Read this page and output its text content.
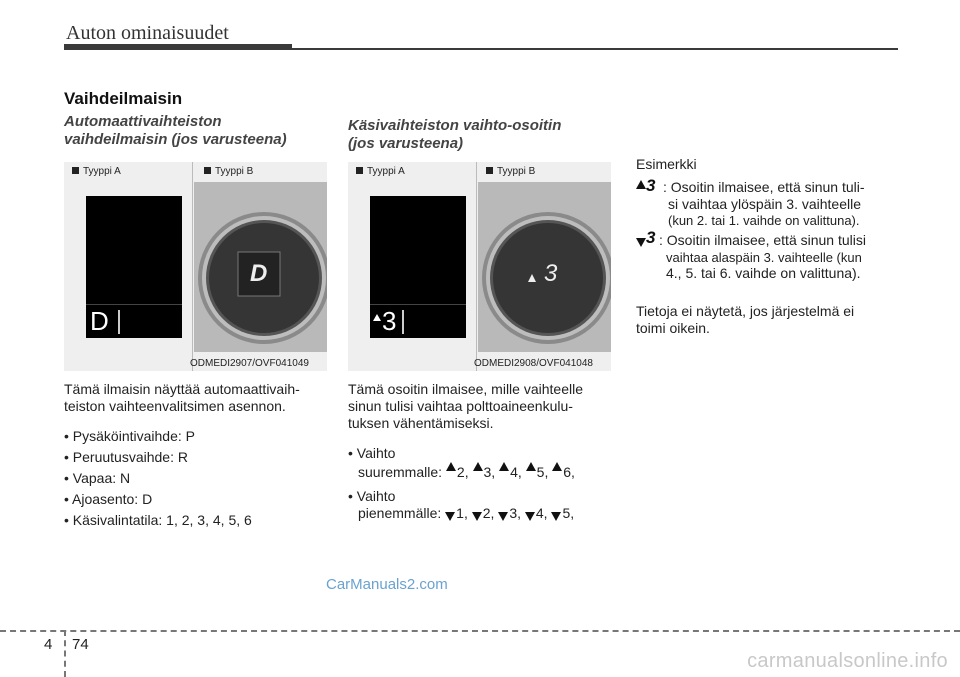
Auton ominaisuudet
Vaihdeilmaisin
Automaattivaihteiston
vaihdeilmaisin (jos varusteena)
Tyyppi A	Tyyppi B
D
D
ODMEDI2907/OVF041049
Tämä ilmaisin näyttää automaattivaih-
teiston vaihteenvalitsimen asennon.
• Pysäköintivaihde: P
• Peruutusvaihde: R
• Vapaa: N
• Ajoasento: D
• Käsivalintatila: 1, 2, 3, 4, 5, 6
Käsivaihteiston vaihto-osoitin
(jos varusteena)
Tyyppi A	Tyyppi B
3
3
ODMEDI2908/OVF041048
Tämä osoitin ilmaisee, mille vaihteelle
sinun tulisi vaihtaa polttoaineenkulu-
tuksen vähentämiseksi.
• Vaihto
suuremmalle: 2, 3, 4, 5, 6,
• Vaihto
pienemmälle: 1, 2, 3, 4, 5,
Esimerkki
3 : Osoitin ilmaisee, että sinun tuli-
si vaihtaa ylöspäin 3. vaihteelle
(kun 2. tai 1. vaihde on valittuna).
3 : Osoitin ilmaisee, että sinun tulisi
vaihtaa alaspäin 3. vaihteelle (kun
4., 5. tai 6. vaihde on valittuna).
Tietoja ei näytetä, jos järjestelmä ei
toimi oikein.
CarManuals2.com
4 74
carmanualsonline.info
